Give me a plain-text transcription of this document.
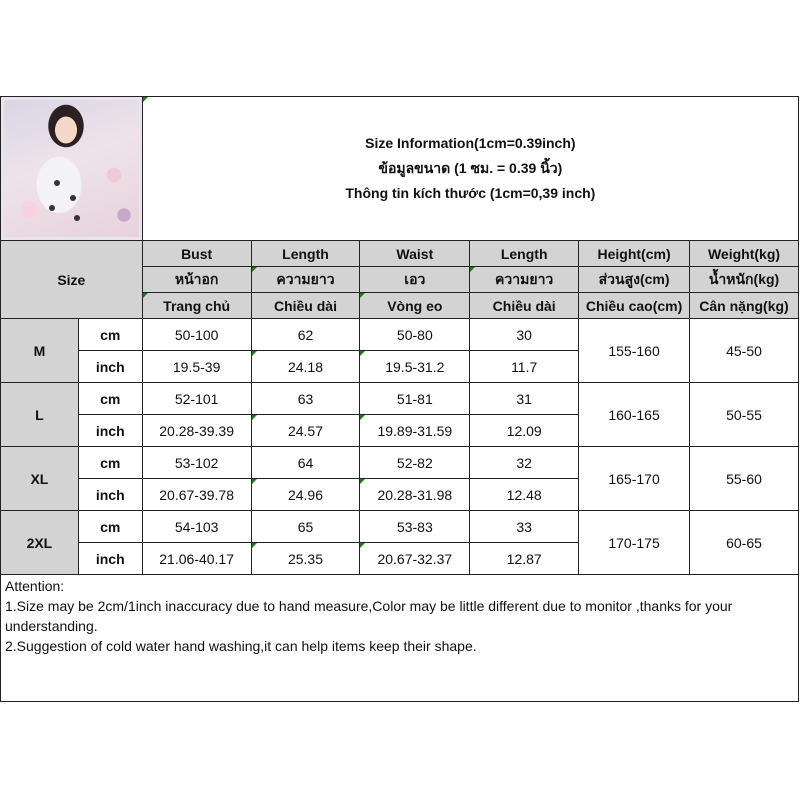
		Size Information(1cm=0.39inch)
ข้อมูลขนาด (1 ซม. = 0.39 นิ้ว)
Thông tin kích thước (1cm=0,39 inch)					

Size		Bust	Length	Waist	Length	Height(cm)	Weight(kg)
		หน้าอก	ความยาว	เอว	ความยาว	ส่วนสูง(cm)	น้ำหนัก(kg)
		Trang chủ	Chiều dài	Vòng eo	Chiều dài	Chiều cao(cm)	Cân nặng(kg)
M	cm	50-100	62	50-80	30	155-160	45-50
	inch	19.5-39	24.18	19.5-31.2	11.7		
L	cm	52-101	63	51-81	31	160-165	50-55
	inch	20.28-39.39	24.57	19.89-31.59	12.09		
XL	cm	53-102	64	52-82	32	165-170	55-60
	inch	20.67-39.78	24.96	20.28-31.98	12.48		
2XL	cm	54-103	65	53-83	33	170-175	60-65
	inch	21.06-40.17	25.35	20.67-32.37	12.87		
Attention:
1.Size may be 2cm/1inch inaccuracy due to hand measure,Color may be little different due to monitor ,thanks for your understanding.
2.Suggestion of cold water hand washing,it can help items keep their shape.
